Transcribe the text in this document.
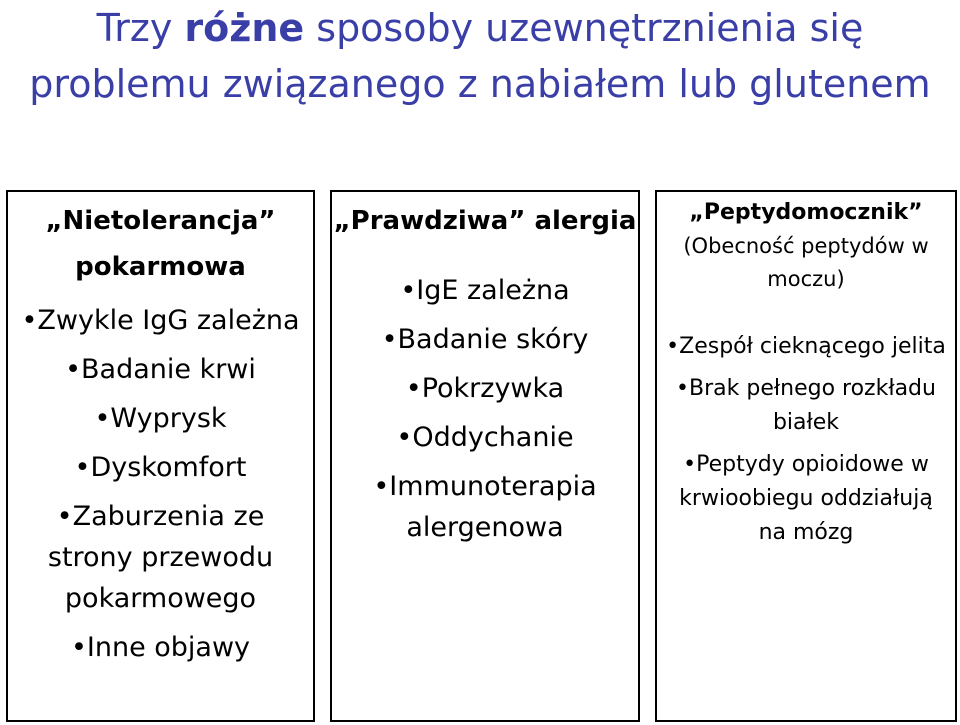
Trzy różne sposoby uzewnętrznienia się problemu związanego z nabiałem lub glutenem

„Nietolerancja” pokarmowa

• Zwykle IgG zależna
• Badanie krwi
• Wyprysk
• Dyskomfort
• Zaburzenia ze strony przewodu pokarmowego
• Inne objawy

„Prawdziwa” alergia

• IgE zależna
• Badanie skóry
• Pokrzywka
• Oddychanie
• Immunoterapia alergenowa

„Peptydomocznik”

(Obecność peptydów w moczu)

• Zespół cieknącego jelita
• Brak pełnego rozkładu białek
• Peptydy opioidowe w krwioobiegu oddziałują na mózg
